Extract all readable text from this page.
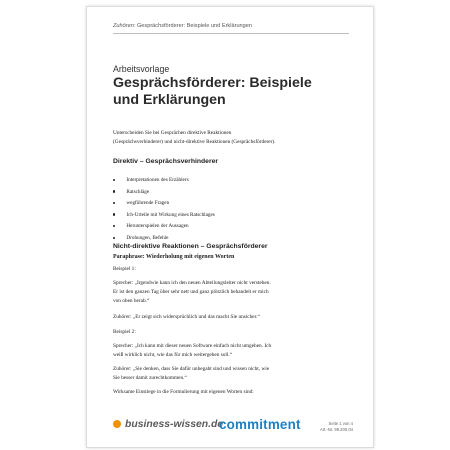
Zuhören: Gesprächsförderer: Beispiele und Erklärungen
Arbeitsvorlage
Gesprächsförderer: Beispiele
und Erklärungen
Unterscheiden Sie bei Gesprächen direktive Reaktionen
(Gesprächsverhinderer) und nicht-direktive Reaktionen (Gesprächsförderer).
Direktiv – Gesprächsverhinderer
Interpretationen des Erzählers
Ratschläge
wegführende Fragen
Ich-Urteile mit Wirkung eines Ratschlages
Herunterspielen der Aussagen
Drohungen, Befehle
Nicht-direktive Reaktionen – Gesprächsförderer
Paraphrase: Wiederholung mit eigenen Worten
Beispiel 1:
Sprecher: „Irgendwie kann ich den neuen Abteilungsleiter nicht verstehen.
Er ist den ganzen Tag über sehr nett und ganz plötzlich behandelt er mich
von oben herab.“
Zuhörer: „Er zeigt sich widersprüchlich und das macht Sie unsicher.“
Beispiel 2:
Sprecher: „Ich kann mit dieser neuen Software einfach nicht umgehen. Ich
weiß wirklich nicht, wie das für mich weitergehen soll.“
Zuhörer: „Sie denken, dass Sie dafür unbegabt sind und wissen nicht, wie
Sie besser damit zurechtkommen.“
Wirksame Einstiege in die Formulierung mit eigenen Worten sind:
business-wissen.de
commitment	Seite 1 von 4
Art.-Nr. 99.200.04
